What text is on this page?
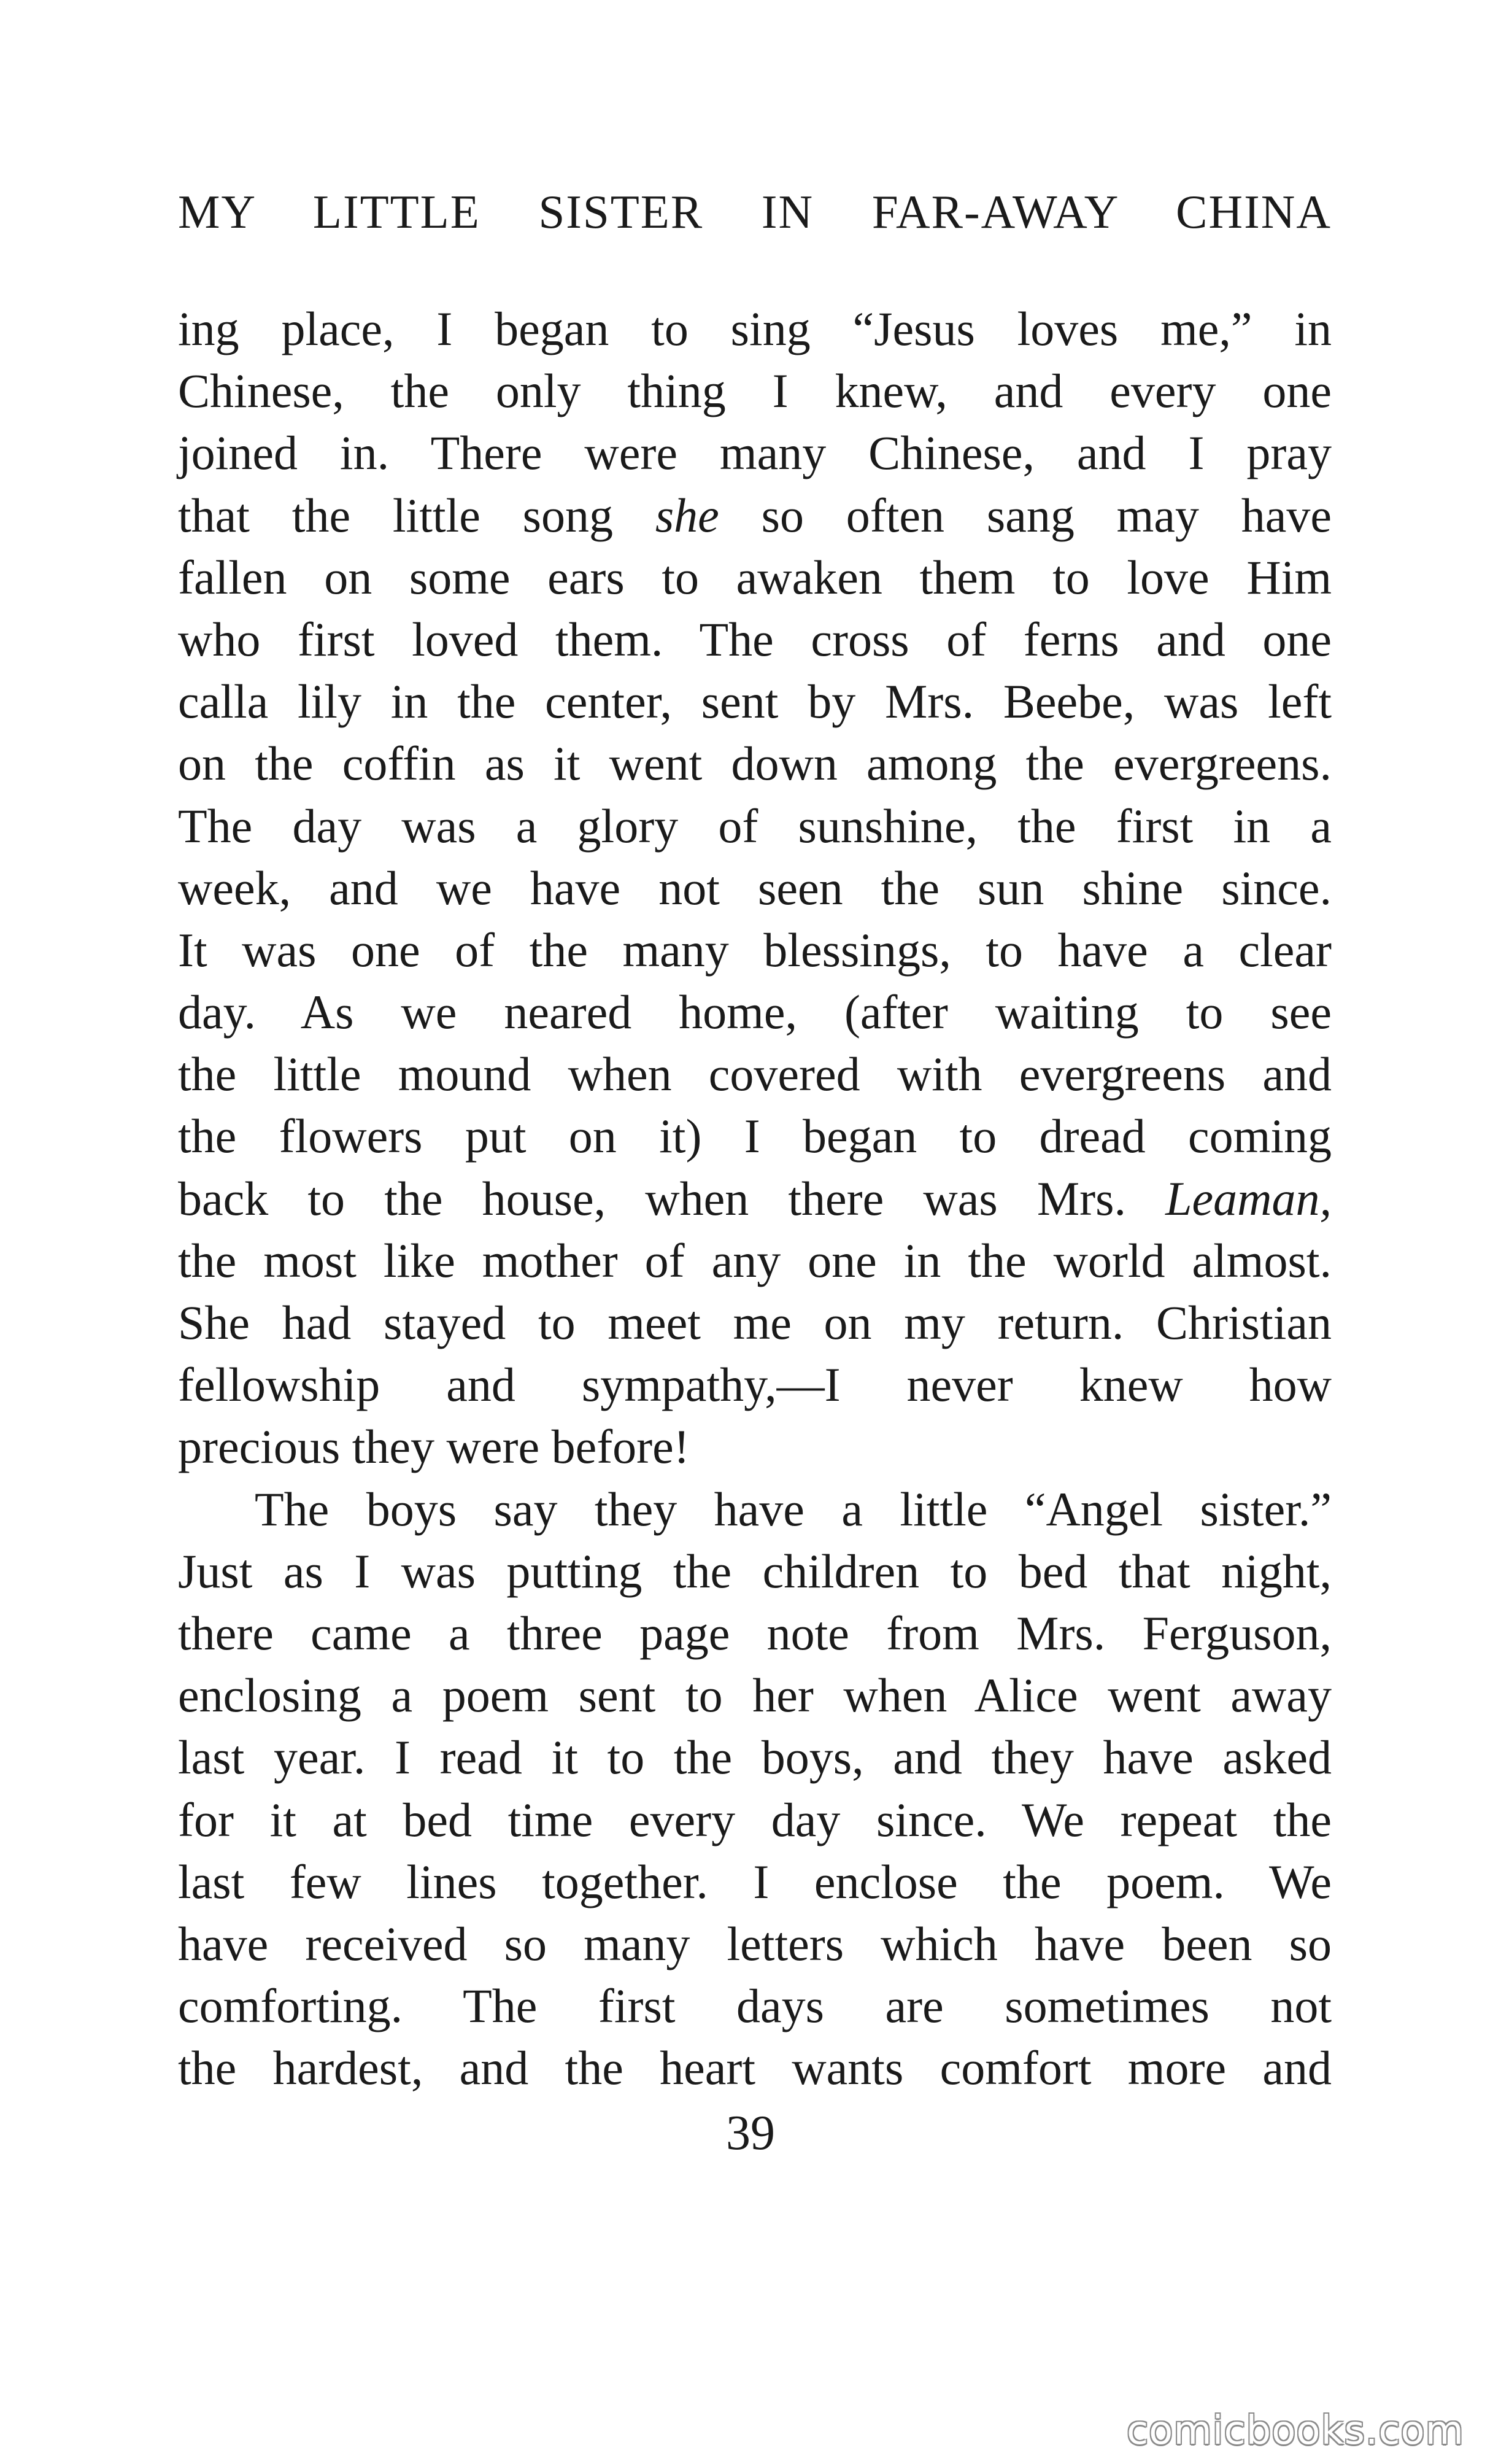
MY LITTLE SISTER IN FAR-AWAY CHINA
ing place, I began to sing “Jesus loves me,” in
Chinese, the only thing I knew, and every one
joined in. There were many Chinese, and I pray
that the little song she so often sang may have
fallen on some ears to awaken them to love Him
who first loved them. The cross of ferns and one
calla lily in the center, sent by Mrs. Beebe, was left
on the coffin as it went down among the evergreens.
The day was a glory of sunshine, the first in a
week, and we have not seen the sun shine since.
It was one of the many blessings, to have a clear
day. As we neared home, (after waiting to see
the little mound when covered with evergreens and
the flowers put on it) I began to dread coming
back to the house, when there was Mrs. Leaman,
the most like mother of any one in the world almost.
She had stayed to meet me on my return. Christian
fellowship and sympathy,—I never knew how
precious they were before!
The boys say they have a little “Angel sister.”
Just as I was putting the children to bed that night,
there came a three page note from Mrs. Ferguson,
enclosing a poem sent to her when Alice went away
last year. I read it to the boys, and they have asked
for it at bed time every day since. We repeat the
last few lines together. I enclose the poem. We
have received so many letters which have been so
comforting. The first days are sometimes not
the hardest, and the heart wants comfort more and
39
comicbooks.com
